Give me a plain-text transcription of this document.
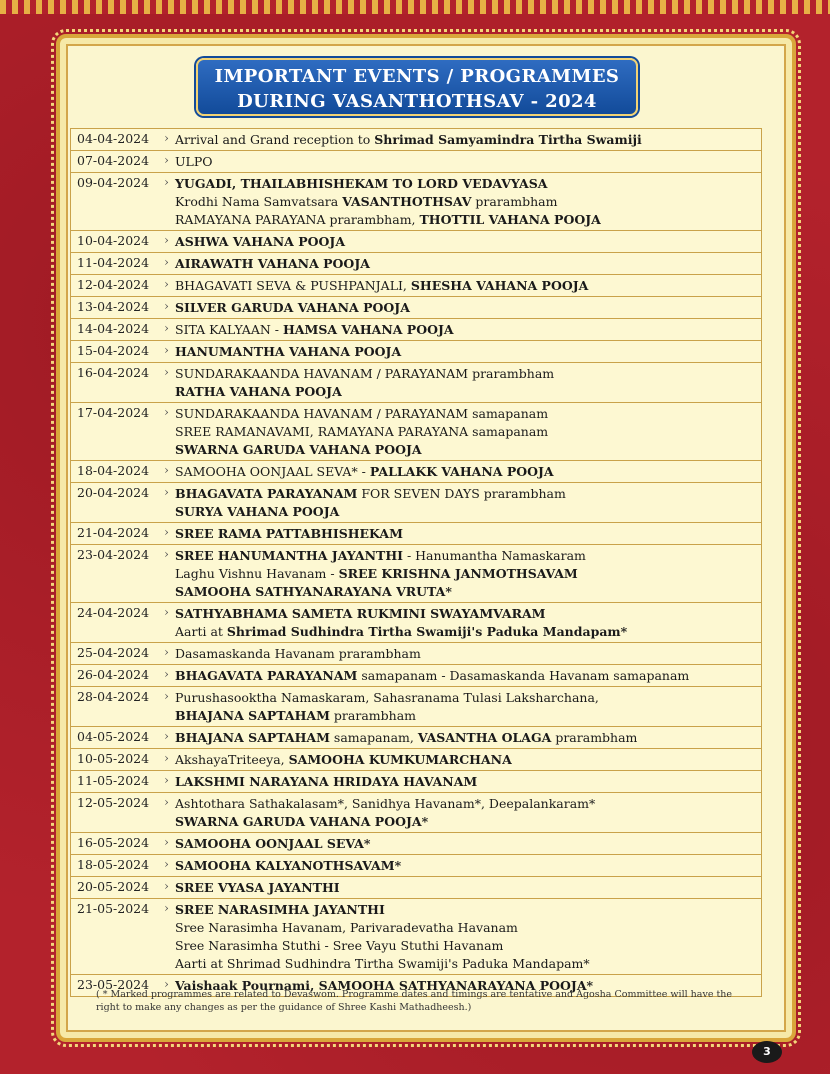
IMPORTANT EVENTS / PROGRAMMES
DURING VASANTHOTHSAV - 2024
04-04-2024 ›	Arrival and Grand reception to Shrimad Samyamindra Tirtha Swamiji
07-04-2024 ›	ULPO
09-04-2024 ›	YUGADI, THAILABHISHEKAM TO LORD VEDAVYASA
Krodhi Nama Samvatsara VASANTHOTHSAV prarambham
RAMAYANA PARAYANA prarambham, THOTTIL VAHANA POOJA
10-04-2024 ›	ASHWA VAHANA POOJA
11-04-2024 ›	AIRAWATH VAHANA POOJA
12-04-2024 ›	BHAGAVATI SEVA & PUSHPANJALI, SHESHA VAHANA POOJA
13-04-2024 ›	SILVER GARUDA VAHANA POOJA
14-04-2024 ›	SITA KALYAAN - HAMSA VAHANA POOJA
15-04-2024 ›	HANUMANTHA VAHANA POOJA
16-04-2024 ›	SUNDARAKAANDA HAVANAM / PARAYANAM prarambham
RATHA VAHANA POOJA
17-04-2024 ›	SUNDARAKAANDA HAVANAM / PARAYANAM samapanam
SREE RAMANAVAMI, RAMAYANA PARAYANA samapanam
SWARNA GARUDA VAHANA POOJA
18-04-2024 ›	SAMOOHA OONJAAL SEVA* - PALLAKK VAHANA POOJA
20-04-2024 ›	BHAGAVATA PARAYANAM FOR SEVEN DAYS prarambham
SURYA VAHANA POOJA
21-04-2024 ›	SREE RAMA PATTABHISHEKAM
23-04-2024 ›	SREE HANUMANTHA JAYANTHI - Hanumantha Namaskaram
Laghu Vishnu Havanam - SREE KRISHNA JANMOTHSAVAM
SAMOOHA SATHYANARAYANA VRUTA*
24-04-2024 ›	SATHYABHAMA SAMETA RUKMINI SWAYAMVARAM
Aarti at Shrimad Sudhindra Tirtha Swamiji's Paduka Mandapam*
25-04-2024 ›	Dasamaskanda Havanam prarambham
26-04-2024 ›	BHAGAVATA PARAYANAM samapanam - Dasamaskanda Havanam samapanam
28-04-2024 ›	Purushasooktha Namaskaram, Sahasranama Tulasi Laksharchana,
BHAJANA SAPTAHAM prarambham
04-05-2024 ›	BHAJANA SAPTAHAM samapanam, VASANTHA OLAGA prarambham
10-05-2024 ›	AkshayaTriteeya, SAMOOHA KUMKUMARCHANA
11-05-2024 ›	LAKSHMI NARAYANA HRIDAYA HAVANAM
12-05-2024 ›	Ashtothara Sathakalasam*, Sanidhya Havanam*, Deepalankaram*
SWARNA GARUDA VAHANA POOJA*
16-05-2024 ›	SAMOOHA OONJAAL SEVA*
18-05-2024 ›	SAMOOHA KALYANOTHSAVAM*
20-05-2024 ›	SREE VYASA JAYANTHI
21-05-2024 ›	SREE NARASIMHA JAYANTHI
Sree Narasimha Havanam, Parivaradevatha Havanam
Sree Narasimha Stuthi - Sree Vayu Stuthi Havanam
Aarti at Shrimad Sudhindra Tirtha Swamiji's Paduka Mandapam*
23-05-2024 ›	Vaishaak Pournami, SAMOOHA SATHYANARAYANA POOJA*
( * Marked programmes are related to Devaswom. Programme dates and timings are tentative and Agosha Committee will have the right to make any changes as per the guidance of Shree Kashi Mathadheesh.)
3
